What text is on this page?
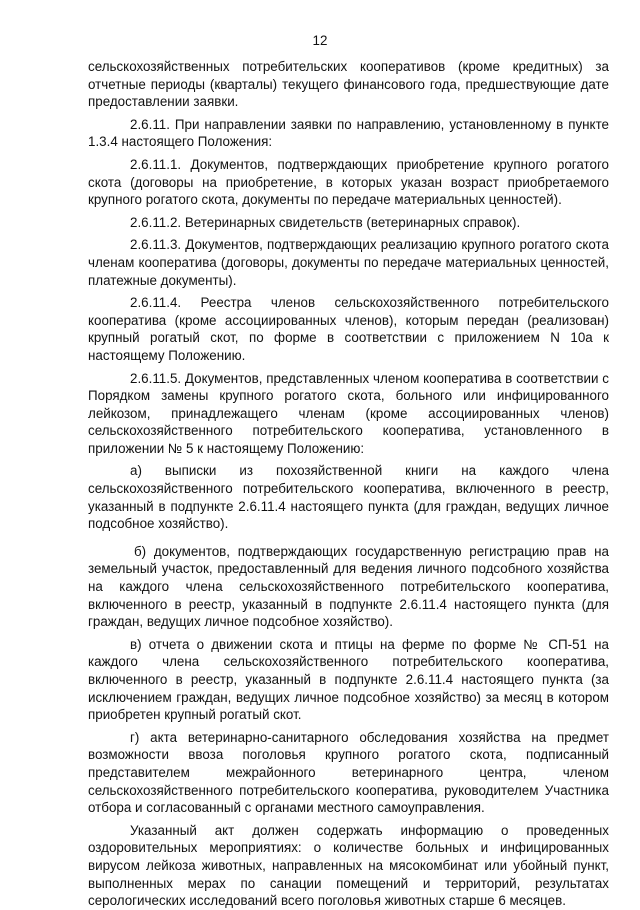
12

сельскохозяйственных потребительских кооперативов (кроме кредитных) за отчетные периоды (кварталы) текущего финансового года, предшествующие дате предоставлении заявки.

2.6.11. При направлении заявки по направлению, установленному в пункте 1.3.4 настоящего Положения:

2.6.11.1. Документов, подтверждающих приобретение крупного рогатого скота (договоры на приобретение, в которых указан возраст приобретаемого крупного рогатого скота, документы по передаче материальных ценностей).

2.6.11.2. Ветеринарных свидетельств (ветеринарных справок).

2.6.11.3. Документов, подтверждающих реализацию крупного рогатого скота членам кооператива (договоры, документы по передаче материальных ценностей, платежные документы).

2.6.11.4. Реестра членов сельскохозяйственного потребительского кооператива (кроме ассоциированных членов), которым передан (реализован) крупный рогатый скот, по форме в соответствии с приложением N 10а к настоящему Положению.

2.6.11.5. Документов, представленных членом кооператива в соответствии с Порядком замены крупного рогатого скота, больного или инфицированного лейкозом, принадлежащего членам (кроме ассоциированных членов) сельскохозяйственного потребительского кооператива, установленного в приложении № 5 к настоящему Положению:

а) выписки из похозяйственной книги на каждого члена сельскохозяйственного потребительского кооператива, включенного в реестр, указанный в подпункте 2.6.11.4 настоящего пункта (для граждан, ведущих личное подсобное хозяйство).

б) документов, подтверждающих государственную регистрацию прав на земельный участок, предоставленный для ведения личного подсобного хозяйства на каждого члена сельскохозяйственного потребительского кооператива, включенного в реестр, указанный в подпункте 2.6.11.4 настоящего пункта (для граждан, ведущих личное подсобное хозяйство).

в) отчета о движении скота и птицы на ферме по форме № СП-51 на каждого члена сельскохозяйственного потребительского кооператива, включенного в реестр, указанный в подпункте 2.6.11.4 настоящего пункта (за исключением граждан, ведущих личное подсобное хозяйство) за месяц в котором приобретен крупный рогатый скот.

г) акта ветеринарно-санитарного обследования хозяйства на предмет возможности ввоза поголовья крупного рогатого скота, подписанный представителем межрайонного ветеринарного центра, членом сельскохозяйственного потребительского кооператива, руководителем Участника отбора и согласованный с органами местного самоуправления.

Указанный акт должен содержать информацию о проведенных оздоровительных мероприятиях: о количестве больных и инфицированных вирусом лейкоза животных, направленных на мясокомбинат или убойный пункт, выполненных мерах по санации помещений и территорий, результатах серологических исследований всего поголовья животных старше 6 месяцев.
